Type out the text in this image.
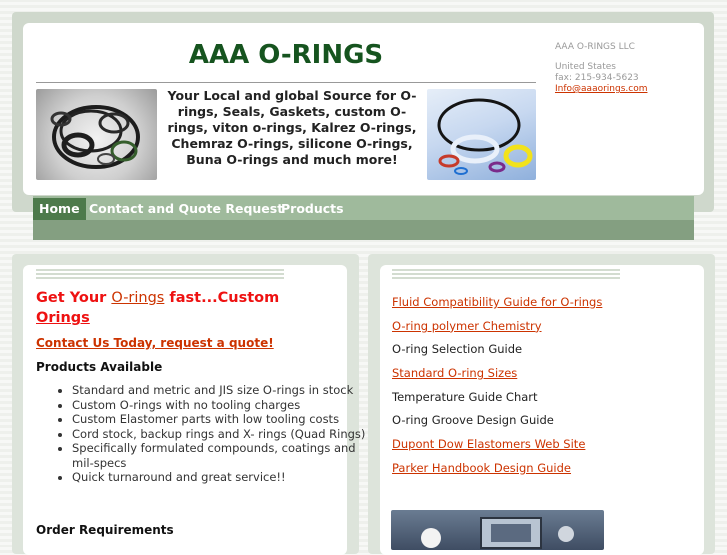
AAA O-RINGS
Your Local and global Source for O-rings, Seals, Gaskets, custom O-rings, viton o-rings, Kalrez O-rings, Chemraz O-rings, silicone O-rings, Buna O-rings and much more!
AAA O-RINGS LLC
United States
fax: 215-934-5623
Info@aaaorings.com
Home Contact and Quote Request
Products

Get Your O-rings fast...Custom Orings

Contact Us Today, request a quote!
Products Available
• Standard and metric and JIS size O-rings in stock
• Custom O-rings with no tooling charges
• Custom Elastomer parts with low tooling costs
• Cord stock, backup rings and X- rings (Quad Rings)
• Specifically formulated compounds, coatings and mil-specs
• Quick turnaround and great service!!
Order Requirements
Fluid Compatibility Guide for O-rings
O-ring polymer Chemistry
O-ring Selection Guide
Standard O-ring Sizes
Temperature Guide Chart
O-ring Groove Design Guide
Dupont Dow Elastomers Web Site
Parker Handbook Design Guide
